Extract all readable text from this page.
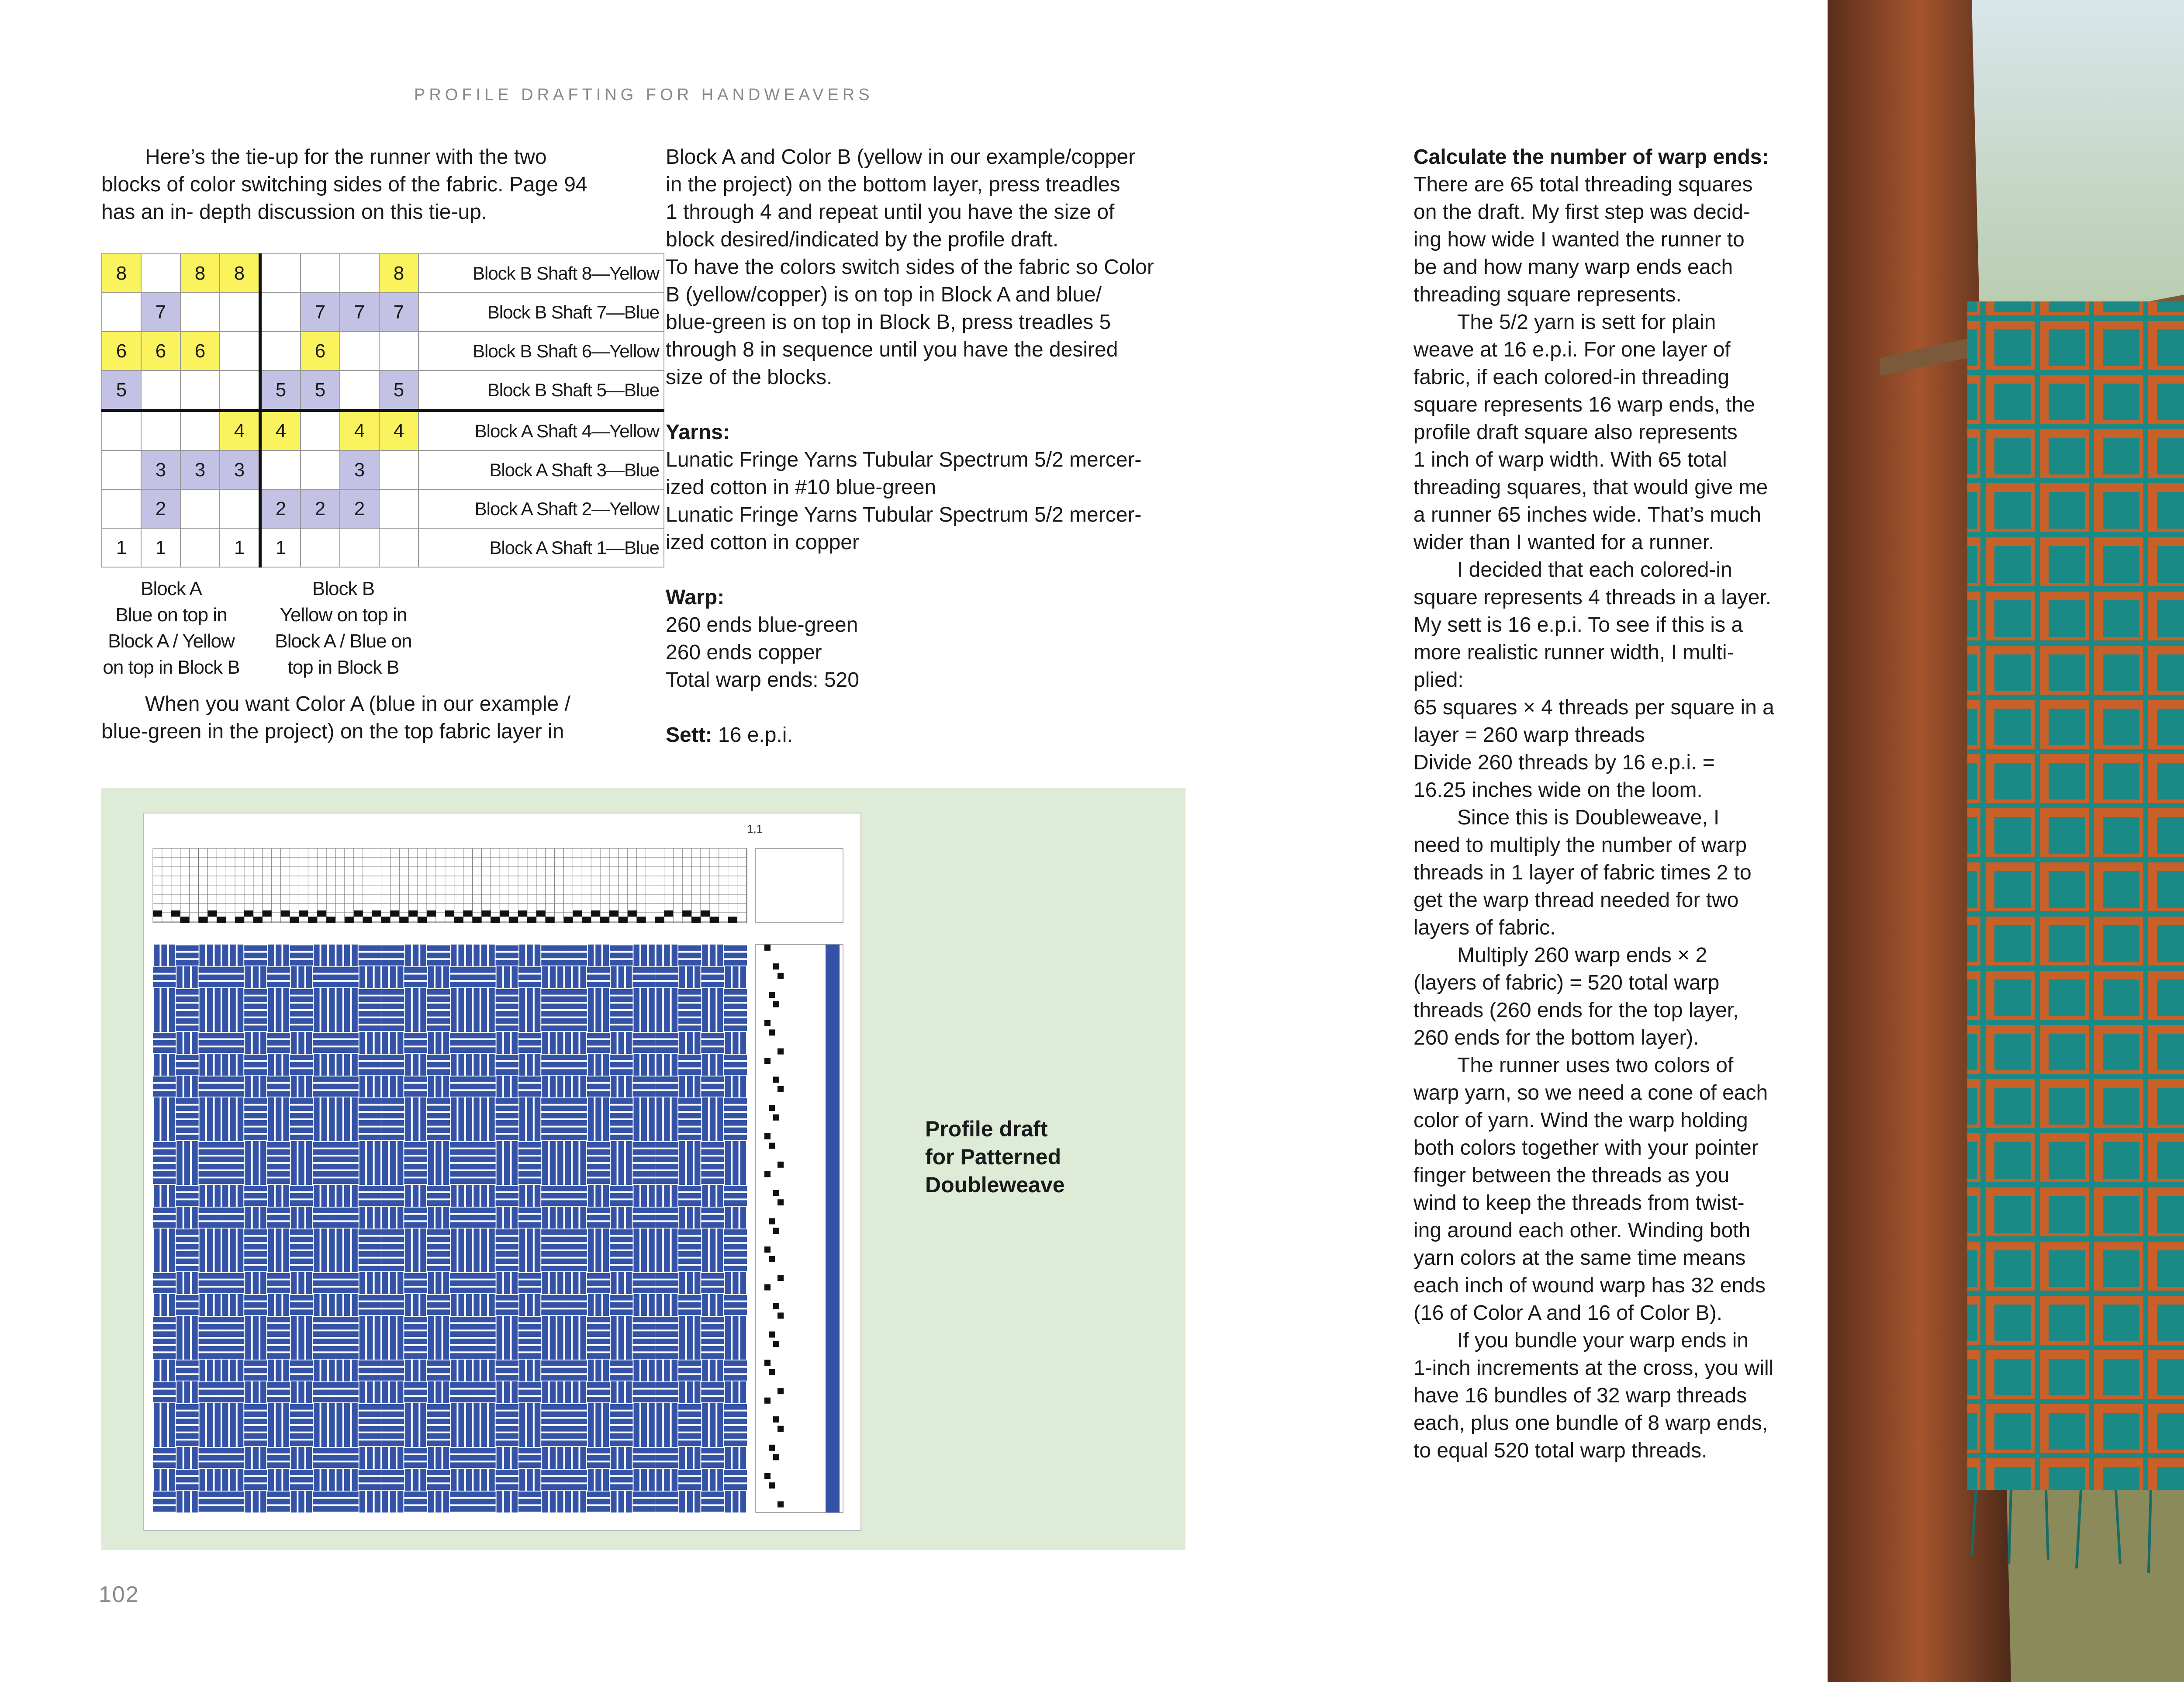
PROFILE DRAFTING FOR HANDWEAVERS

Here’s the tie-up for the runner with the two

blocks of color switching sides of the fabric. Page 94

has an in- depth discussion on this tie-up.

8		8	8				8	Block B Shaft 8—Yellow
	7				7	7	7	Block B Shaft 7—Blue
6	6	6			6			Block B Shaft 6—Yellow
5				5	5		5	Block B Shaft 5—Blue
			4	4		4	4	Block A Shaft 4—Yellow
	3	3	3			3		Block A Shaft 3—Blue
	2			2	2	2		Block A Shaft 2—Yellow
1	1		1	1				Block A Shaft 1—Blue
Block A
Blue on top in
Block A / Yellow
on top in Block B
Block B
Yellow on top in
Block A / Blue on
top in Block B

When you want Color A (blue in our example /

blue-green in the project) on the top fabric layer in

Block A and Color B (yellow in our example/copper

in the project) on the bottom layer, press treadles

1 through 4 and repeat until you have the size of

block desired/indicated by the profile draft.

To have the colors switch sides of the fabric so Color

B (yellow/copper) is on top in Block A and blue/

blue-green is on top in Block B, press treadles 5

through 8 in sequence until you have the desired

size of the blocks.

Yarns:

Lunatic Fringe Yarns Tubular Spectrum 5/2 mercer-

ized cotton in #10 blue-green

Lunatic Fringe Yarns Tubular Spectrum 5/2 mercer-

ized cotton in copper

Warp:

260 ends blue-green

260 ends copper

Total warp ends: 520

Sett: 16 e.p.i.

Calculate the number of warp ends:

There are 65 total threading squares

on the draft. My first step was decid-

ing how wide I wanted the runner to

be and how many warp ends each

threading square represents.

The 5/2 yarn is sett for plain

weave at 16 e.p.i. For one layer of

fabric, if each colored-in threading

square represents 16 warp ends, the

profile draft square also represents

1 inch of warp width. With 65 total

threading squares, that would give me

a runner 65 inches wide. That’s much

wider than I wanted for a runner.

I decided that each colored-in

square represents 4 threads in a layer.

My sett is 16 e.p.i. To see if this is a

more realistic runner width, I multi-

plied:

65 squares × 4 threads per square in a

layer = 260 warp threads

Divide 260 threads by 16 e.p.i. =

16.25 inches wide on the loom.

Since this is Doubleweave, I

need to multiply the number of warp

threads in 1 layer of fabric times 2 to

get the warp thread needed for two

layers of fabric.

Multiply 260 warp ends × 2

(layers of fabric) = 520 total warp

threads (260 ends for the top layer,

260 ends for the bottom layer).

The runner uses two colors of

warp yarn, so we need a cone of each

color of yarn. Wind the warp holding

both colors together with your pointer

finger between the threads as you

wind to keep the threads from twist-

ing around each other. Winding both

yarn colors at the same time means

each inch of wound warp has 32 ends

(16 of Color A and 16 of Color B).

If you bundle your warp ends in

1-inch increments at the cross, you will

have 16 bundles of 32 warp threads

each, plus one bundle of 8 warp ends,

to equal 520 total warp threads.

1,1
Profile draft
for Patterned
Doubleweave
102
